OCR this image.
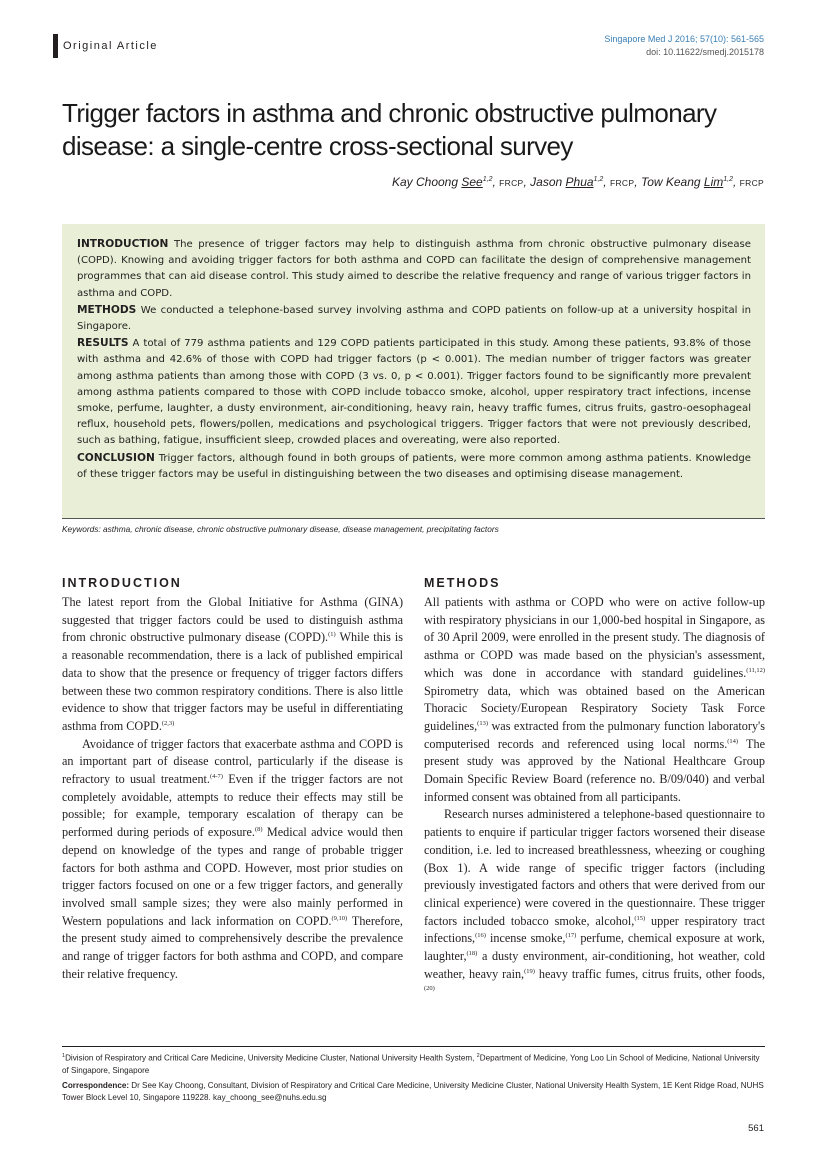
Original Article
Singapore Med J 2016; 57(10): 561-565
doi: 10.11622/smedj.2015178
Trigger factors in asthma and chronic obstructive pulmonary disease: a single-centre cross-sectional survey
Kay Choong See$^{1,2}$, FRCP, Jason Phua$^{1,2}$, FRCP, Tow Keang Lim$^{1,2}$, FRCP

INTRODUCTION The presence of trigger factors may help to distinguish asthma from chronic obstructive pulmonary disease (COPD). Knowing and avoiding trigger factors for both asthma and COPD can facilitate the design of comprehensive management programmes that can aid disease control. This study aimed to describe the relative frequency and range of various trigger factors in asthma and COPD.

METHODS We conducted a telephone-based survey involving asthma and COPD patients on follow-up at a university hospital in Singapore.

RESULTS A total of 779 asthma patients and 129 COPD patients participated in this study. Among these patients, 93.8% of those with asthma and 42.6% of those with COPD had trigger factors (p < 0.001). The median number of trigger factors was greater among asthma patients than among those with COPD (3 vs. 0, p < 0.001). Trigger factors found to be significantly more prevalent among asthma patients compared to those with COPD include tobacco smoke, alcohol, upper respiratory tract infections, incense smoke, perfume, laughter, a dusty environment, air-conditioning, heavy rain, heavy traffic fumes, citrus fruits, gastro-oesophageal reflux, household pets, flowers/pollen, medications and psychological triggers. Trigger factors that were not previously described, such as bathing, fatigue, insufficient sleep, crowded places and overeating, were also reported.

CONCLUSION Trigger factors, although found in both groups of patients, were more common among asthma patients. Knowledge of these trigger factors may be useful in distinguishing between the two diseases and optimising disease management.

Keywords: asthma, chronic disease, chronic obstructive pulmonary disease, disease management, precipitating factors
INTRODUCTION

The latest report from the Global Initiative for Asthma (GINA) suggested that trigger factors could be used to distinguish asthma from chronic obstructive pulmonary disease (COPD).$^{(1)}$ While this is a reasonable recommendation, there is a lack of published empirical data to show that the presence or frequency of trigger factors differs between these two common respiratory conditions. There is also little evidence to show that trigger factors may be useful in differentiating asthma from COPD.$^{(2,3)}$

Avoidance of trigger factors that exacerbate asthma and COPD is an important part of disease control, particularly if the disease is refractory to usual treatment.$^{(4-7)}$ Even if the trigger factors are not completely avoidable, attempts to reduce their effects may still be possible; for example, temporary escalation of therapy can be performed during periods of exposure.$^{(8)}$ Medical advice would then depend on knowledge of the types and range of probable trigger factors for both asthma and COPD. However, most prior studies on trigger factors focused on one or a few trigger factors, and generally involved small sample sizes; they were also mainly performed in Western populations and lack information on COPD.$^{(9,10)}$ Therefore, the present study aimed to comprehensively describe the prevalence and range of trigger factors for both asthma and COPD, and compare their relative frequency.

METHODS

All patients with asthma or COPD who were on active follow-up with respiratory physicians in our 1,000-bed hospital in Singapore, as of 30 April 2009, were enrolled in the present study. The diagnosis of asthma or COPD was made based on the physician's assessment, which was done in accordance with standard guidelines.$^{(11,12)}$ Spirometry data, which was obtained based on the American Thoracic Society/European Respiratory Society Task Force guidelines,$^{(13)}$ was extracted from the pulmonary function laboratory's computerised records and referenced using local norms.$^{(14)}$ The present study was approved by the National Healthcare Group Domain Specific Review Board (reference no. B/09/040) and verbal informed consent was obtained from all participants.

Research nurses administered a telephone-based questionnaire to patients to enquire if particular trigger factors worsened their disease condition, i.e. led to increased breathlessness, wheezing or coughing (Box 1). A wide range of specific trigger factors (including previously investigated factors and others that were derived from our clinical experience) were covered in the questionnaire. These trigger factors included tobacco smoke, alcohol,$^{(15)}$ upper respiratory tract infections,$^{(16)}$ incense smoke,$^{(17)}$ perfume, chemical exposure at work, laughter,$^{(18)}$ a dusty environment, air-conditioning, hot weather, cold weather, heavy rain,$^{(19)}$ heavy traffic fumes, citrus fruits, other foods,$^{(20)}$

$^1$Division of Respiratory and Critical Care Medicine, University Medicine Cluster, National University Health System, $^2$Department of Medicine, Yong Loo Lin School of Medicine, National University of Singapore, Singapore

Correspondence: Dr See Kay Choong, Consultant, Division of Respiratory and Critical Care Medicine, University Medicine Cluster, National University Health System, 1E Kent Ridge Road, NUHS Tower Block Level 10, Singapore 119228. kay_choong_see@nuhs.edu.sg

561
